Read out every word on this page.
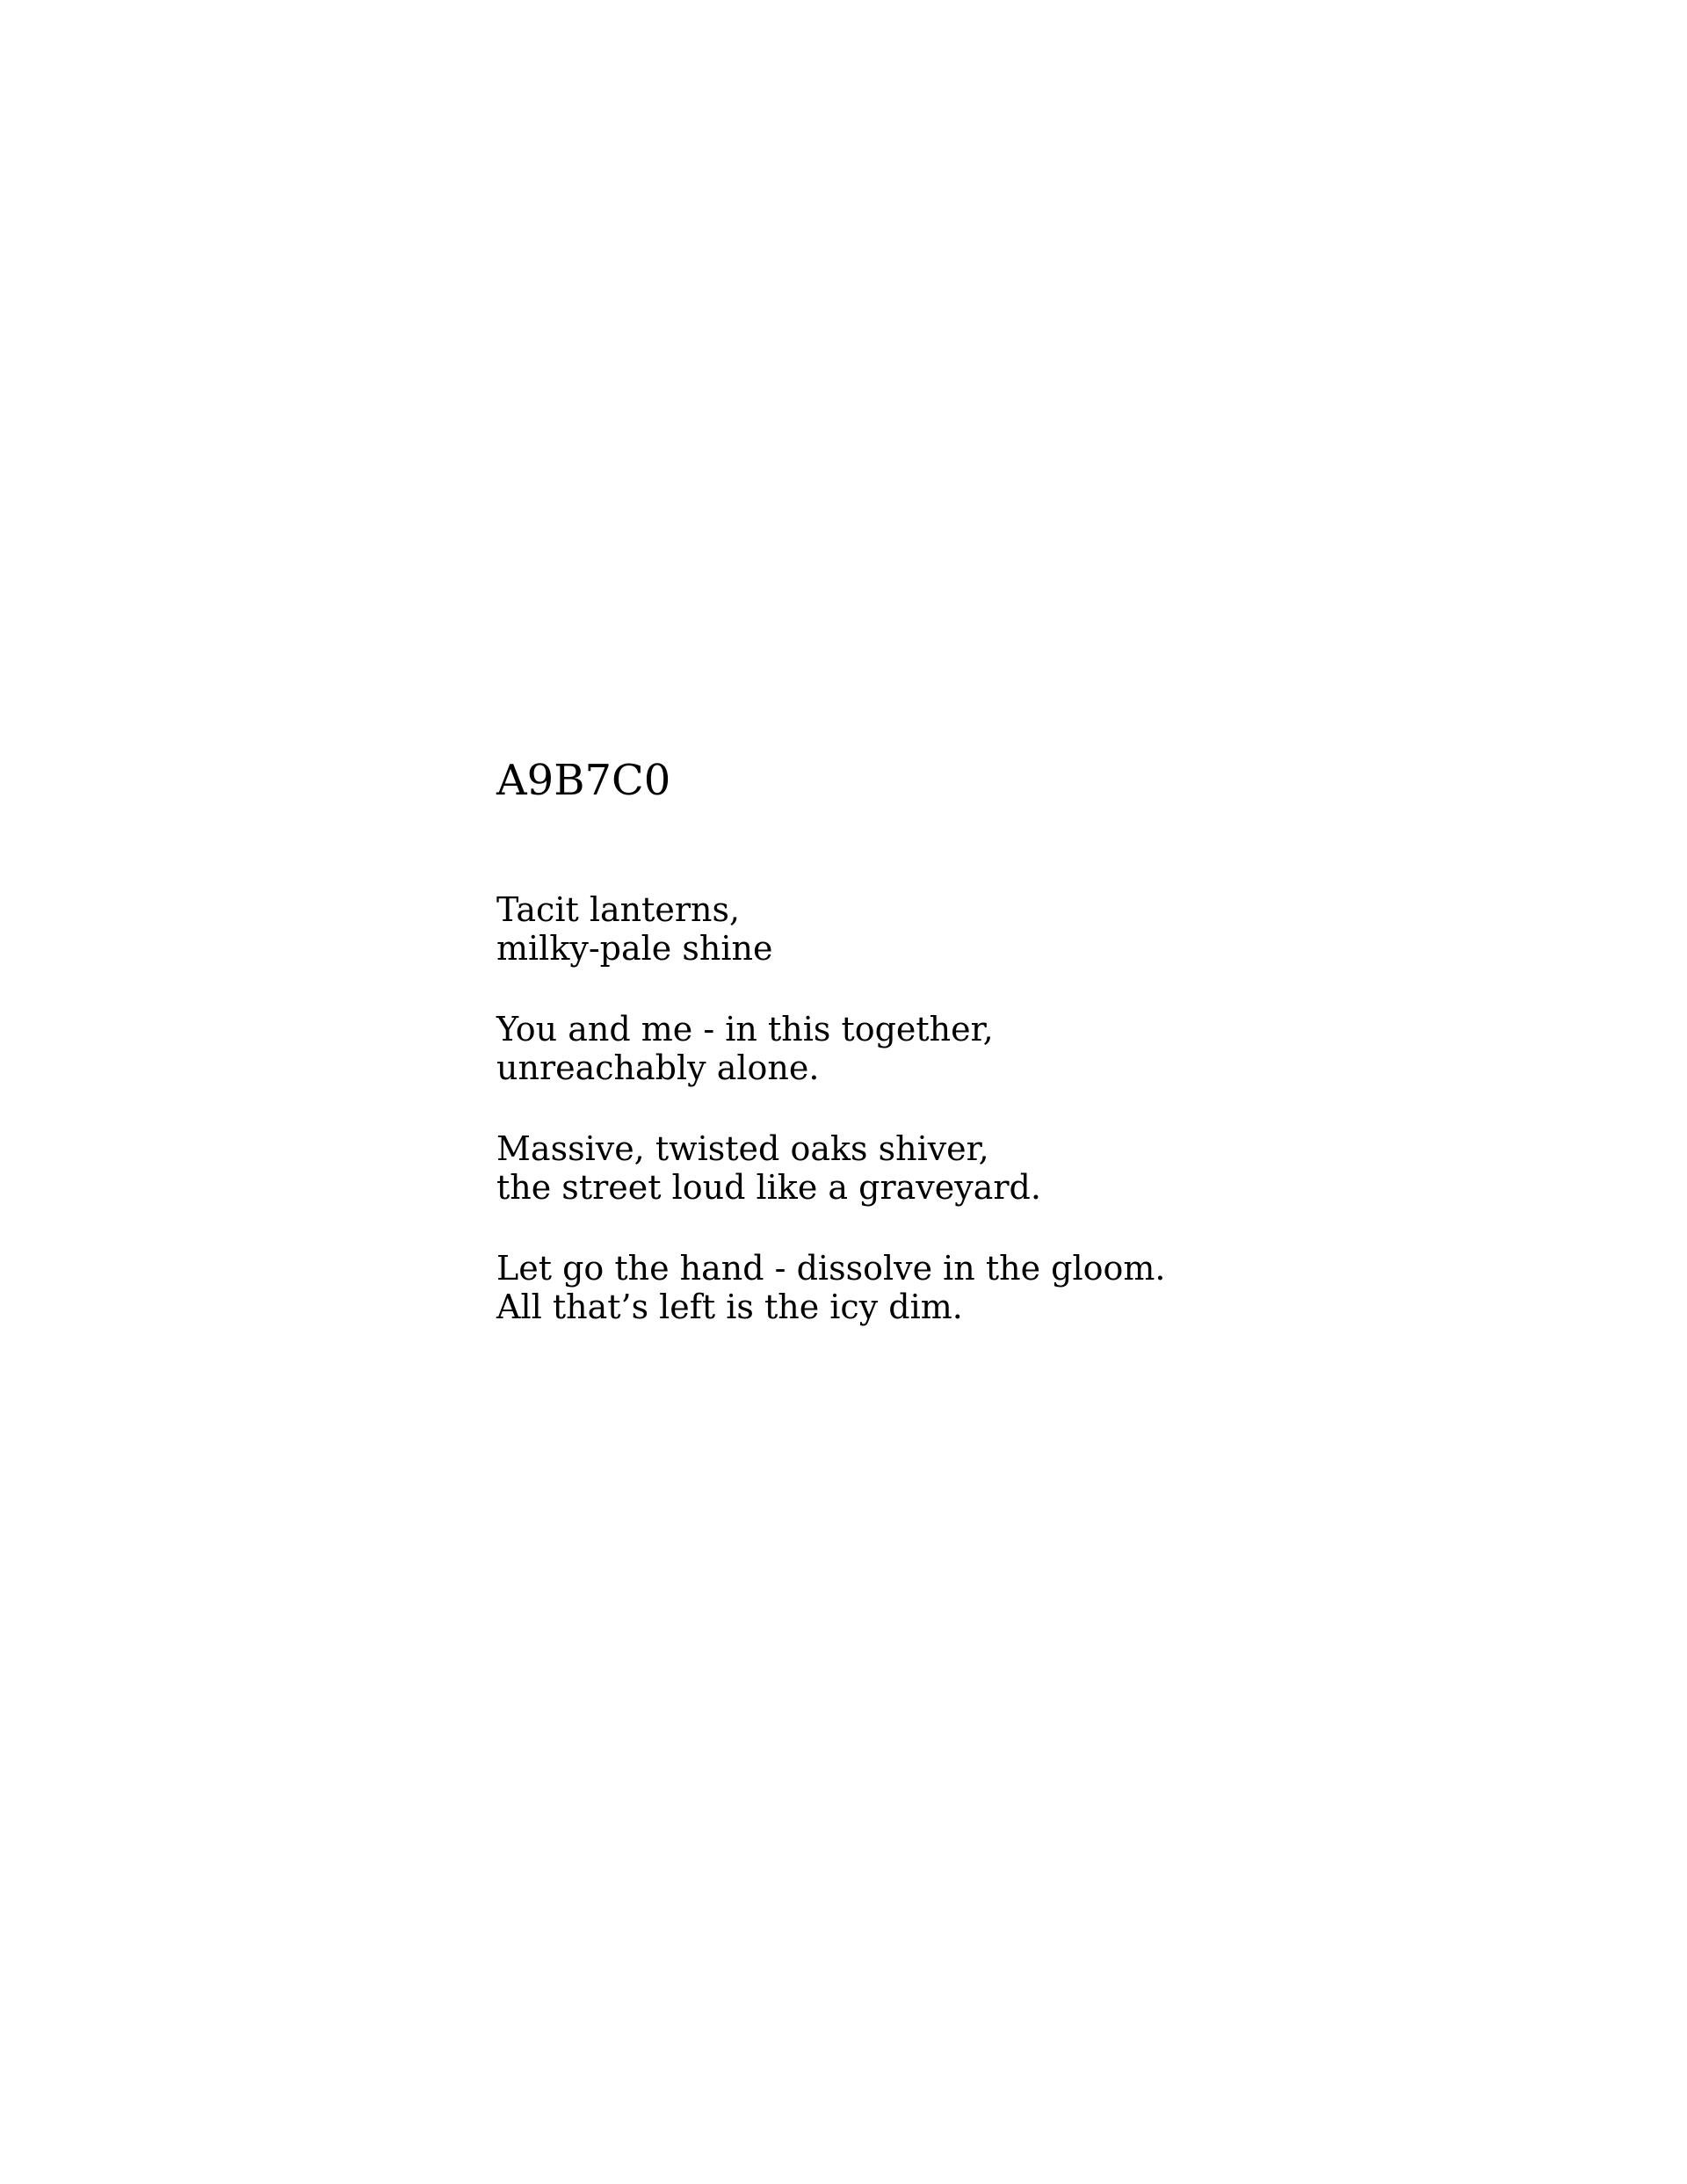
A9B7C0

Tacit lanterns,
milky-pale shine

You and me - in this together,
unreachably alone.

Massive, twisted oaks shiver,
the street loud like a graveyard.

Let go the hand - dissolve in the gloom.
All that’s left is the icy dim.
